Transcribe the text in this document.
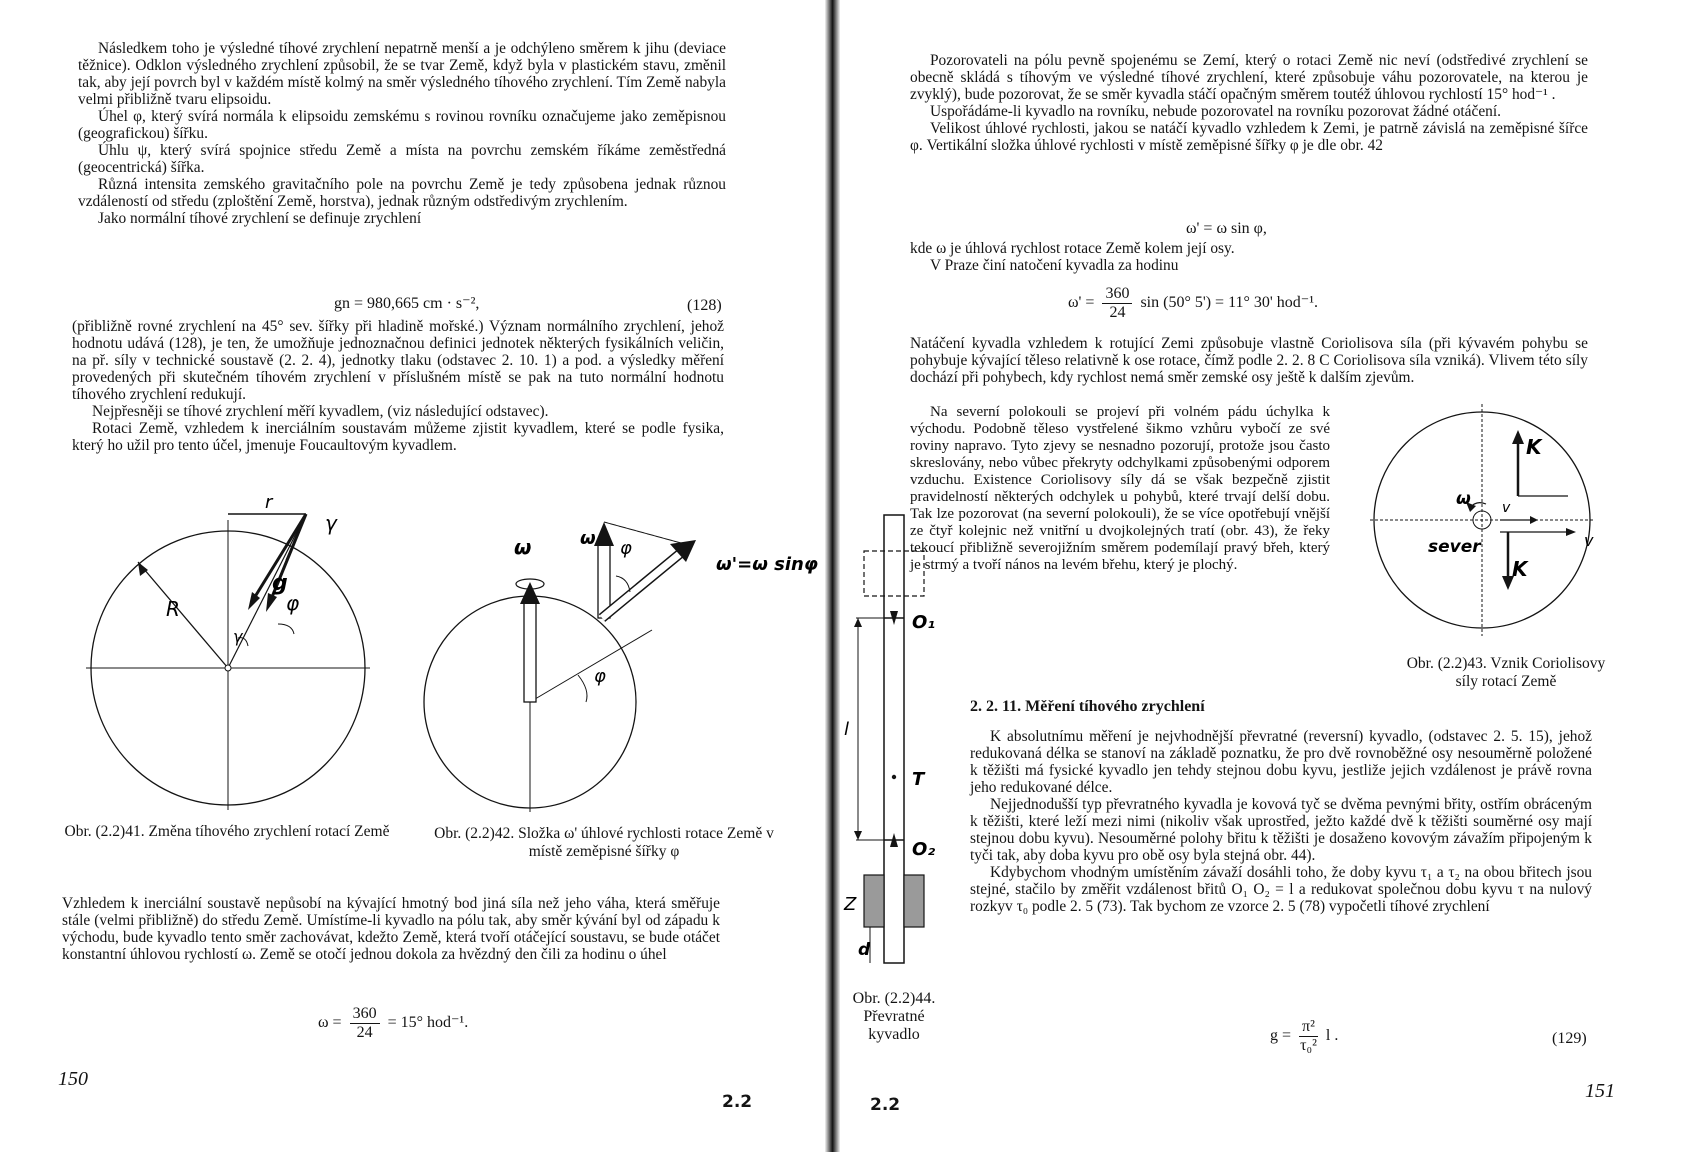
Následkem toho je výsledné tíhové zrychlení nepatrně menší a je odchýleno směrem k jihu (deviace těžnice). Odklon výsledného zrychlení způsobil, že se tvar Země, když byla v plastickém stavu, změnil tak, aby její povrch byl v každém místě kolmý na směr výsledného tíhového zrychlení. Tím Země nabyla velmi přibližně tvaru elipsoidu.

Úhel φ, který svírá normála k elipsoidu zemskému s rovinou rovníku označujeme jako zeměpisnou (geografickou) šířku.

Úhlu ψ, který svírá spojnice středu Země a místa na povrchu zemském říkáme zeměstředná (geocentrická) šířka.

Různá intensita zemského gravitačního pole na povrchu Země je tedy způsobena jednak různou vzdáleností od středu (zploštění Země, horstva), jednak různým odstředivým zrychlením.

Jako normální tíhové zrychlení se definuje zrychlení

gn = 980,665 cm · s⁻²,	(128)

(přibližně rovné zrychlení na 45° sev. šířky při hladině mořské.) Význam normálního zrychlení, jehož hodnotu udává (128), je ten, že umožňuje jednoznačnou definici jednotek některých fysikálních veličin, na př. síly v technické soustavě (2. 2. 4), jednotky tlaku (odstavec 2. 10. 1) a pod. a výsledky měření provedených při skutečném tíhovém zrychlení v příslušném místě se pak na tuto normální hodnotu tíhového zrychlení redukují.

Nejpřesněji se tíhové zrychlení měří kyvadlem, (viz následující odstavec).

Rotaci Země, vzhledem k inerciálním soustavám můžeme zjistit kyvadlem, které se podle fysika, který ho užil pro tento účel, jmenuje Foucaultovým kyvadlem.

r
R
γ
g
φ
γ
Obr. (2.2)41. Změna tíhového zrychlení rotací Země
ω	ω φ
ω'=ω sinφ
φ
Obr. (2.2)42. Složka ω' úhlové rychlosti rotace Země v místě zeměpisné šířky φ

Vzhledem k inerciální soustavě nepůsobí na kývající hmotný bod jiná síla než jeho váha, která směřuje stále (velmi přibližně) do středu Země. Umístíme-li kyvadlo na pólu tak, aby směr kývání byl od západu k východu, bude kyvadlo tento směr zachovávat, kdežto Země, která tvoří otáčející soustavu, se bude otáčet konstantní úhlovou rychlostí ω. Země se otočí jednou dokola za hvězdný den čili za hodinu o úhel

$\omega = \frac{360}{24} = 15^\circ$ hod⁻¹.
150
2.2

Pozorovateli na pólu pevně spojenému se Zemí, který o rotaci Země nic neví (odstředivé zrychlení se obecně skládá s tíhovým ve výsledné tíhové zrychlení, které způsobuje váhu pozorovatele, na kterou je zvyklý), bude pozorovat, že se směr kyvadla stáčí opačným směrem toutéž úhlovou rychlostí 15° hod⁻¹ .

Uspořádáme-li kyvadlo na rovníku, nebude pozorovatel na rovníku pozorovat žádné otáčení.

Velikost úhlové rychlosti, jakou se natáčí kyvadlo vzhledem k Zemi, je patrně závislá na zeměpisné šířce φ. Vertikální složka úhlové rychlosti v místě zeměpisné šířky φ je dle obr. 42

ω' = ω sin φ,

kde ω je úhlová rychlost rotace Země kolem její osy.

V Praze činí natočení kyvadla za hodinu

$\omega' = \frac{360}{24}$ sin (50° 5') = 11° 30' hod⁻¹.

Natáčení kyvadla vzhledem k rotující Zemi způsobuje vlastně Coriolisova síla (při kývavém pohybu se pohybuje kývající těleso relativně k ose rotace, čímž podle 2. 2. 8 C Coriolisova síla vzniká). Vlivem této síly dochází při pohybech, kdy rychlost nemá směr zemské osy ještě k dalším zjevům.

Na severní polokouli se projeví při volném pádu úchylka k východu. Podobně těleso vystřelené šikmo vzhůru vybočí ze své roviny napravo. Tyto zjevy se nesnadno pozorují, protože jsou často skreslovány, nebo vůbec překryty odchylkami způsobenými odporem vzduchu. Existence Coriolisovy síly dá se však bezpečně zjistit pravidelností některých odchylek u pohybů, které trvají delší dobu. Tak lze pozorovat (na severní polokouli), že se více opotřebují vnější ze čtyř kolejnic než vnitřní u dvojkolejných tratí (obr. 43), že řeky tekoucí přibližně severojižním směrem podemílají pravý břeh, který je strmý a tvoří nános na levém břehu, který je plochý.

K
ω v
v
sever
K
Obr. (2.2)43. Vznik Coriolisovy síly rotací Země
O₁
l
T
O₂
Z
d
Obr. (2.2)44. Převratné kyvadlo
2. 2. 11. Měření tíhového zrychlení

K absolutnímu měření je nejvhodnější převratné (reversní) kyvadlo, (odstavec 2. 5. 15), jehož redukovaná délka se stanoví na základě poznatku, že pro dvě rovnoběžné osy nesouměrně položené k těžišti má fysické kyvadlo jen tehdy stejnou dobu kyvu, jestliže jejich vzdálenost je právě rovna jeho redukované délce.

Nejjednodušší typ převratného kyvadla je kovová tyč se dvěma pevnými břity, ostřím obráceným k těžišti, které leží mezi nimi (nikoliv však uprostřed, ježto každé dvě k těžišti souměrné osy mají stejnou dobu kyvu). Nesouměrné polohy břitu k těžišti je dosaženo kovovým závažím připojeným k tyči tak, aby doba kyvu pro obě osy byla stejná obr. 44).

Kdybychom vhodným umístěním závaží dosáhli toho, že doby kyvu τ₁ a τ₂ na obou břitech jsou stejné, stačilo by změřit vzdálenost břitů O₁ O₂ = l a redukovat společnou dobu kyvu τ na nulový rozkyv τ₀ podle 2. 5 (73). Tak bychom ze vzorce 2. 5 (78) vypočetli tíhové zrychlení

$g = \frac{\text{π²}}{\text{τ₀²}}$ l .	(129)
2.2
151
